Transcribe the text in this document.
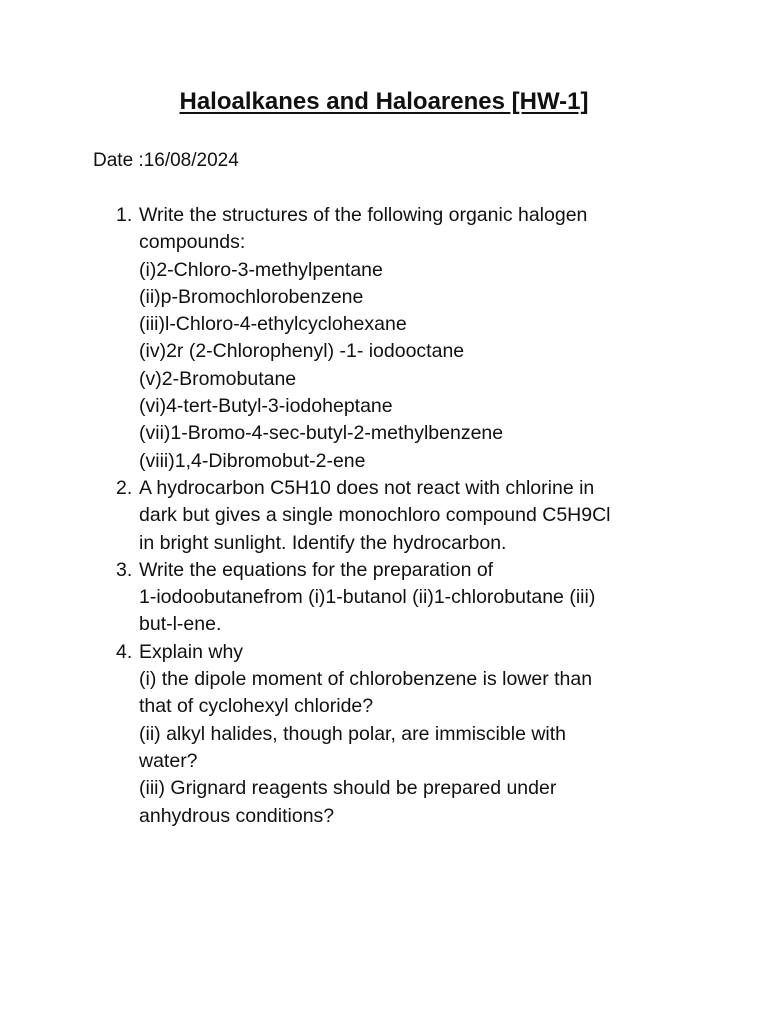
Haloalkanes and Haloarenes [HW-1]
Date :16/08/2024
1. Write the structures of the following organic halogen
compounds:
(i)2-Chloro-3-methylpentane
(ii)p-Bromochlorobenzene
(iii)l-Chloro-4-ethylcyclohexane
(iv)2r (2-Chlorophenyl) -1- iodooctane
(v)2-Bromobutane
(vi)4-tert-Butyl-3-iodoheptane
(vii)1-Bromo-4-sec-butyl-2-methylbenzene
(viii)1,4-Dibromobut-2-ene
2. A hydrocarbon C5H10 does not react with chlorine in
dark but gives a single monochloro compound C5H9Cl
in bright sunlight. Identify the hydrocarbon.
3. Write the equations for the preparation of
1-iodoobutanefrom (i)1-butanol (ii)1-chlorobutane (iii)
but-l-ene.
4. Explain why
(i) the dipole moment of chlorobenzene is lower than
that of cyclohexyl chloride?
(ii) alkyl halides, though polar, are immiscible with
water?
(iii) Grignard reagents should be prepared under
anhydrous conditions?
